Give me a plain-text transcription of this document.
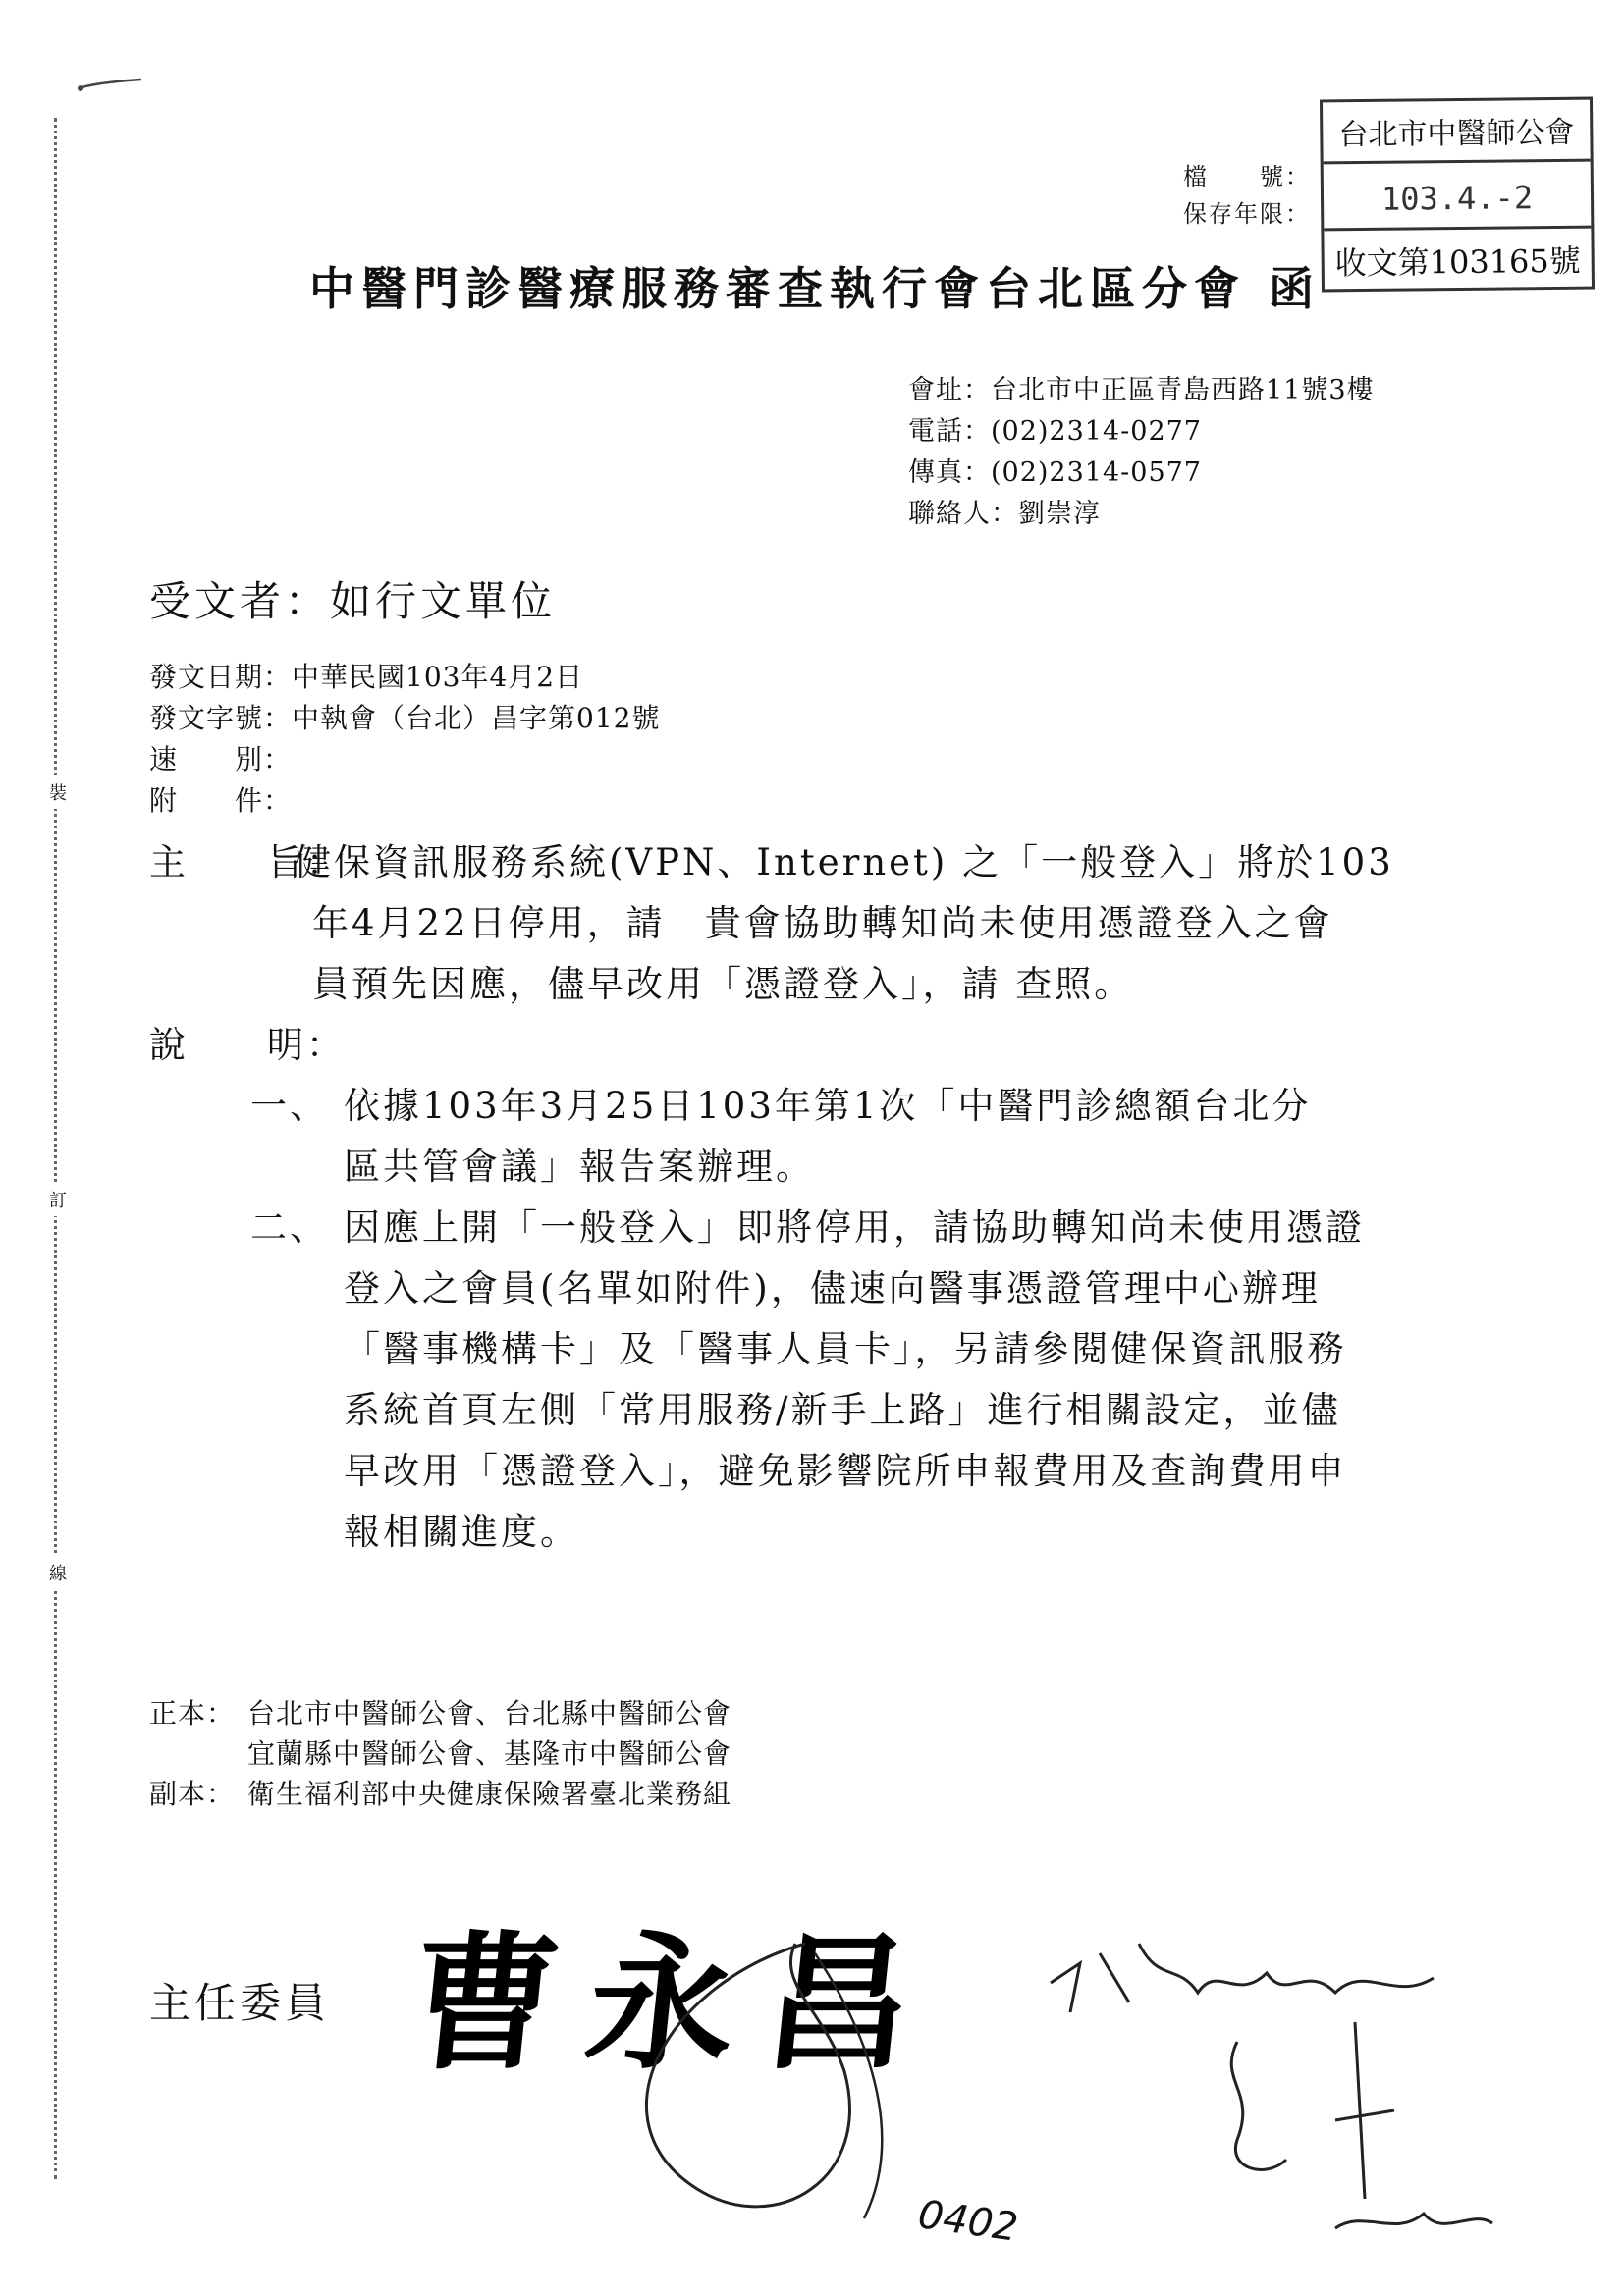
裝
訂
線
台北市中醫師公會
103.4.-2
收文第103165號
檔　　號：
保存年限：
中醫門診醫療服務審查執行會台北區分會 函
會址：台北市中正區青島西路11號3樓
電話：(02)2314-0277
傳真：(02)2314-0577
聯絡人：劉崇淳
受文者：如行文單位
發文日期：中華民國103年4月2日
發文字號：中執會（台北）昌字第012號
速　　別：
附　　件：
主　　旨：
健保資訊服務系統(VPN、Internet) 之「一般登入」將於103
年4月22日停用，請　貴會協助轉知尚未使用憑證登入之會
員預先因應，儘早改用「憑證登入」，請 查照。
說　　明：
一、 依據103年3月25日103年第1次「中醫門診總額台北分
區共管會議」報告案辦理。
二、 因應上開「一般登入」即將停用，請協助轉知尚未使用憑證
登入之會員(名單如附件)，儘速向醫事憑證管理中心辦理
「醫事機構卡」及「醫事人員卡」，另請參閱健保資訊服務
系統首頁左側「常用服務/新手上路」進行相關設定，並儘
早改用「憑證登入」，避免影響院所申報費用及查詢費用申
報相關進度。
正本： 台北市中醫師公會、台北縣中醫師公會
宜蘭縣中醫師公會、基隆市中醫師公會
副本： 衛生福利部中央健康保險署臺北業務組
主任委員 曹永昌
0402
